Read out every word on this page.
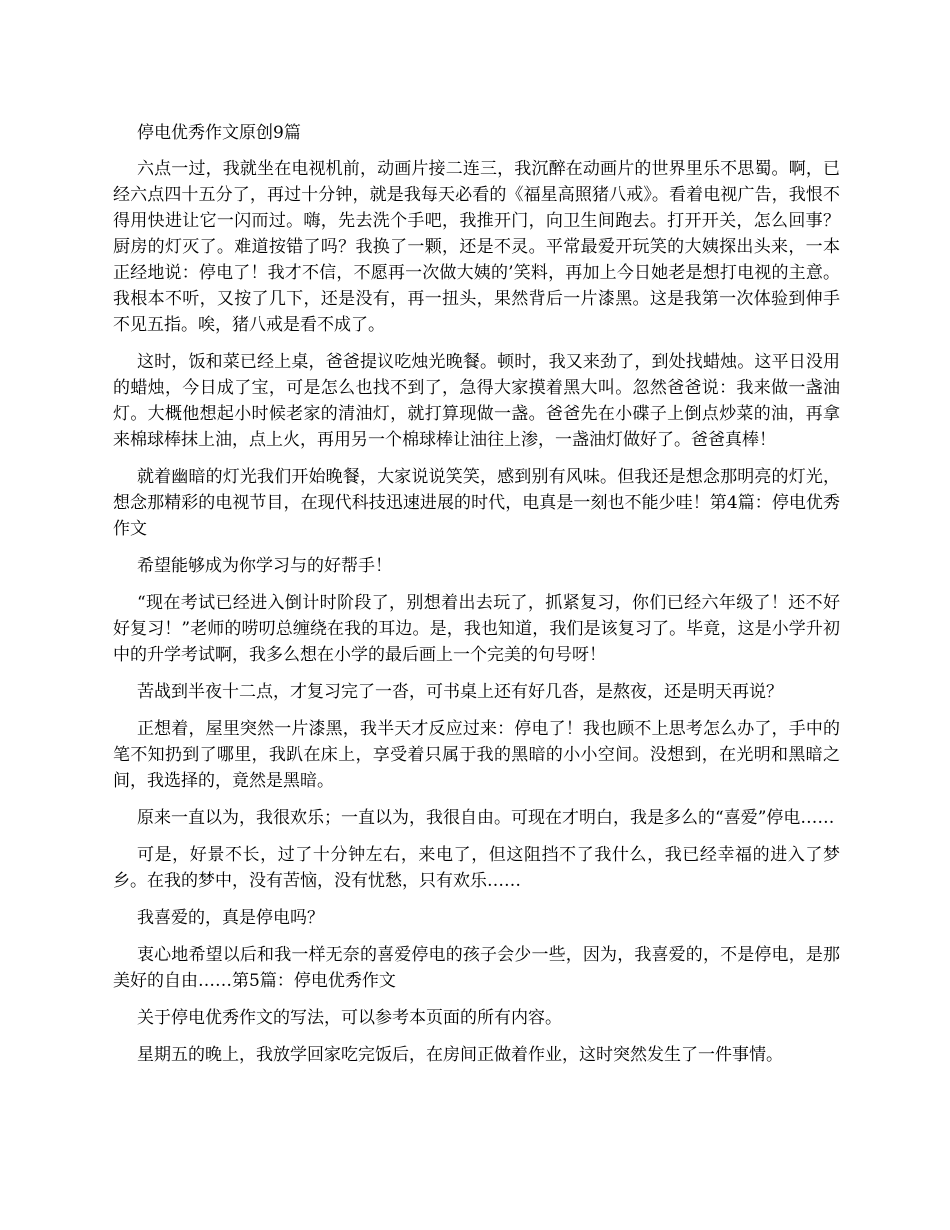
停电优秀作文原创9篇

六点一过，我就坐在电视机前，动画片接二连三，我沉醉在动画片的世界里乐不思蜀。啊，已经六点四十五分了，再过十分钟，就是我每天必看的《福星高照猪八戒》。看着电视广告，我恨不得用快进让它一闪而过。嗨，先去洗个手吧，我推开门，向卫生间跑去。打开开关，怎么回事？厨房的灯灭了。难道按错了吗？我换了一颗，还是不灵。平常最爱开玩笑的大姨探出头来，一本正经地说：停电了！我才不信，不愿再一次做大姨的’笑料，再加上今日她老是想打电视的主意。我根本不听，又按了几下，还是没有，再一扭头，果然背后一片漆黑。这是我第一次体验到伸手不见五指。唉，猪八戒是看不成了。

这时，饭和菜已经上桌，爸爸提议吃烛光晚餐。顿时，我又来劲了，到处找蜡烛。这平日没用的蜡烛，今日成了宝，可是怎么也找不到了，急得大家摸着黑大叫。忽然爸爸说：我来做一盏油灯。大概他想起小时候老家的清油灯，就打算现做一盏。爸爸先在小碟子上倒点炒菜的油，再拿来棉球棒抹上油，点上火，再用另一个棉球棒让油往上渗，一盏油灯做好了。爸爸真棒！

就着幽暗的灯光我们开始晚餐，大家说说笑笑，感到别有风味。但我还是想念那明亮的灯光，想念那精彩的电视节目，在现代科技迅速进展的时代，电真是一刻也不能少哇！第4篇：停电优秀作文

希望能够成为你学习与的好帮手！

“现在考试已经进入倒计时阶段了，别想着出去玩了，抓紧复习，你们已经六年级了！还不好好复习！”老师的唠叨总缠绕在我的耳边。是，我也知道，我们是该复习了。毕竟，这是小学升初中的升学考试啊，我多么想在小学的最后画上一个完美的句号呀！

苦战到半夜十二点，才复习完了一沓，可书桌上还有好几沓，是熬夜，还是明天再说？

正想着，屋里突然一片漆黑，我半天才反应过来：停电了！我也顾不上思考怎么办了，手中的笔不知扔到了哪里，我趴在床上，享受着只属于我的黑暗的小小空间。没想到，在光明和黑暗之间，我选择的，竟然是黑暗。

原来一直以为，我很欢乐；一直以为，我很自由。可现在才明白，我是多么的“喜爱”停电……

可是，好景不长，过了十分钟左右，来电了，但这阻挡不了我什么，我已经幸福的进入了梦乡。在我的梦中，没有苦恼，没有忧愁，只有欢乐……

我喜爱的，真是停电吗？

衷心地希望以后和我一样无奈的喜爱停电的孩子会少一些，因为，我喜爱的，不是停电，是那美好的自由……第5篇：停电优秀作文

关于停电优秀作文的写法，可以参考本页面的所有内容。

星期五的晚上，我放学回家吃完饭后，在房间正做着作业，这时突然发生了一件事情。
